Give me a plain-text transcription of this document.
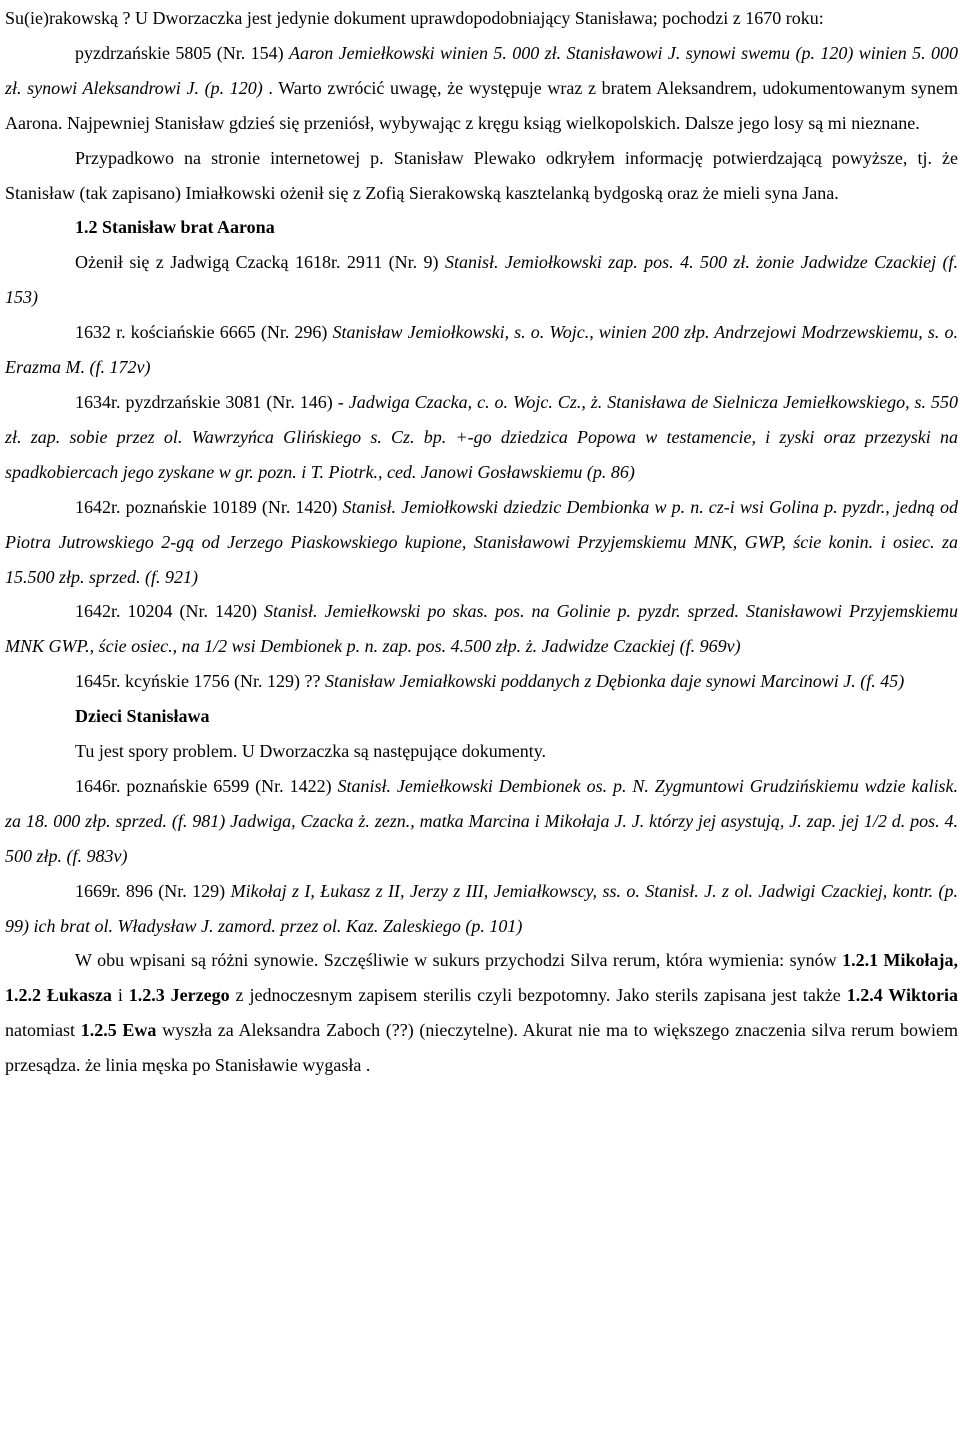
Su(ie)rakowską ? U Dworzaczka jest jedynie dokument uprawdopodobniający Stanisława; pochodzi z 1670 roku:

pyzdrzańskie 5805 (Nr. 154) Aaron Jemiełkowski winien 5. 000 zł. Stanisławowi J. synowi swemu (p. 120) winien 5. 000 zł. synowi Aleksandrowi J. (p. 120) . Warto zwrócić uwagę, że występuje wraz z bratem Aleksandrem, udokumentowanym synem Aarona. Najpewniej Stanisław gdzieś się przeniósł, wybywając z kręgu ksiąg wielkopolskich. Dalsze jego losy są mi nieznane.

Przypadkowo na stronie internetowej p. Stanisław Plewako odkryłem informację potwierdzającą powyższe, tj. że Stanisław (tak zapisano) Imiałkowski ożenił się z Zofią Sierakowską kasztelanką bydgoską oraz że mieli syna Jana.

1.2 Stanisław brat Aarona

Ożenił się z Jadwigą Czacką 1618r. 2911 (Nr. 9) Stanisł. Jemiołkowski zap. pos. 4. 500 zł. żonie Jadwidze Czackiej (f. 153)

1632 r. kościańskie 6665 (Nr. 296) Stanisław Jemiołkowski, s. o. Wojc., winien 200 złp. Andrzejowi Modrzewskiemu, s. o. Erazma M. (f. 172v)

1634r. pyzdrzańskie 3081 (Nr. 146) - Jadwiga Czacka, c. o. Wojc. Cz., ż. Stanisława de Sielnicza Jemiełkowskiego, s. 550 zł. zap. sobie przez ol. Wawrzyńca Glińskiego s. Cz. bp. +-go dziedzica Popowa w testamencie, i zyski oraz przezyski na spadkobiercach jego zyskane w gr. pozn. i T. Piotrk., ced. Janowi Gosławskiemu (p. 86)

1642r. poznańskie 10189 (Nr. 1420) Stanisł. Jemiołkowski dziedzic Dembionka w p. n. cz-i wsi Golina p. pyzdr., jedną od Piotra Jutrowskiego 2-gą od Jerzego Piaskowskiego kupione, Stanisławowi Przyjemskiemu MNK, GWP, ście konin. i osiec. za 15.500 złp. sprzed. (f. 921)

1642r. 10204 (Nr. 1420) Stanisł. Jemiełkowski po skas. pos. na Golinie p. pyzdr. sprzed. Stanisławowi Przyjemskiemu MNK GWP., ście osiec., na 1/2 wsi Dembionek p. n. zap. pos. 4.500 złp. ż. Jadwidze Czackiej (f. 969v)

1645r. kcyńskie 1756 (Nr. 129) ?? Stanisław Jemiałkowski poddanych z Dębionka daje synowi Marcinowi J. (f. 45)

Dzieci Stanisława

Tu jest spory problem. U Dworzaczka są następujące dokumenty.

1646r. poznańskie 6599 (Nr. 1422) Stanisł. Jemiełkowski Dembionek os. p. N. Zygmuntowi Grudzińskiemu wdzie kalisk. za 18. 000 złp. sprzed. (f. 981) Jadwiga, Czacka ż. zezn., matka Marcina i Mikołaja J. J. którzy jej asystują, J. zap. jej 1/2 d. pos. 4. 500 złp. (f. 983v)

1669r. 896 (Nr. 129) Mikołaj z I, Łukasz z II, Jerzy z III, Jemiałkowscy, ss. o. Stanisł. J. z ol. Jadwigi Czackiej, kontr. (p. 99) ich brat ol. Władysław J. zamord. przez ol. Kaz. Zaleskiego (p. 101)

W obu wpisani są różni synowie. Szczęśliwie w sukurs przychodzi Silva rerum, która wymienia: synów 1.2.1 Mikołaja, 1.2.2 Łukasza i 1.2.3 Jerzego z jednoczesnym zapisem sterilis czyli bezpotomny. Jako sterils zapisana jest także 1.2.4 Wiktoria natomiast 1.2.5 Ewa wyszła za Aleksandra Zaboch (??) (nieczytelne). Akurat nie ma to większego znaczenia silva rerum bowiem przesądza. że linia męska po Stanisławie wygasła .
